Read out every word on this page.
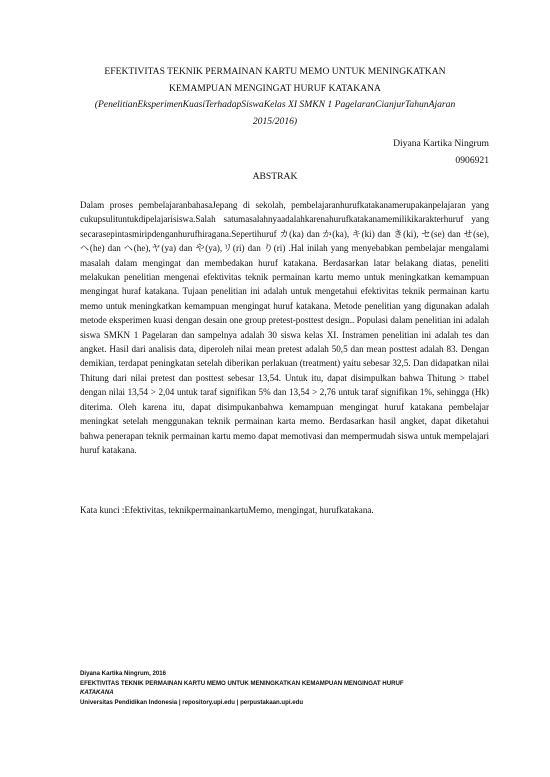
EFEKTIVITAS TEKNIK PERMAINAN KARTU MEMO UNTUK MENINGKATKAN
KEMAMPUAN MENGINGAT HURUF KATAKANA
(PenelitianEksperimenKuasiTerhadapSiswaKelas XI SMKN 1 PagelaranCianjurTahunAjaran
2015/2016)
Diyana Kartika Ningrum
0906921
ABSTRAK

Dalam proses pembelajaranbahasaJepang di sekolah, pembelajaranhurufkatakanamerupakanpelajaran yang cukupsulituntukdipelajarisiswa.Salah satumasalahnyaadalahkarenahurufkatakanamemilikikarakterhuruf yang secarasepintasmiripdenganhurufhiragana.Sepertihuruf カ(ka) dan か(ka), キ(ki) dan き(ki), セ(se) dan せ(se), ヘ(he) dan へ(he),ヤ(ya) dan や(ya),リ(ri) dan り(ri) .Hal inilah yang menyebabkan pembelajar mengalami masalah dalam mengingat dan membedakan huruf katakana. Berdasarkan latar belakang diatas, peneliti melakukan penelitian mengenai efektivitas teknik permainan kartu memo untuk meningkatkan kemampuan mengingat huraf katakana. Tujaan penelitian ini adalah untuk mengetahui efektivitas teknik permainan kartu memo untuk meningkatkan kemampuan mengingat huruf katakana. Metode penelitian yang digunakan adalah metode eksperimen kuasi dengan desain one group pretest-posttest design.. Populasi dalam penelitian ini adalah siswa SMKN 1 Pagelaran dan sampelnya adalah 30 siswa kelas XI. Instramen penelitian ini adalah tes dan angket. Hasil dari analisis data, diperoleh nilai mean pretest adalah 50,5 dan mean posttest adalah 83. Dengan demikian, terdapat peningkatan setelah diberikan perlakuan (treatment) yaitu sebesar 32,5. Dan didapatkan nilai Thitung dari nilai pretest dan posttest sebesar 13,54. Untuk itu, dapat disimpulkan bahwa Thitung > ttabel dengan nilai 13,54 > 2,04 untuk taraf signifikan 5% dan 13,54 > 2,76 untuk taraf signifikan 1%, sehingga (Hk) diterima. Oleh karena itu, dapat disimpukanbahwa kemampuan mengingat huruf katakana pembelajar meningkat setelah menggunakan teknik permainan karta memo. Berdasarkan hasil angket, dapat diketahui bahwa penerapan teknik permainan kartu memo dapat memotivasi dan mempermudah siswa untuk mempelajari huruf katakana.

Kata kunci :Efektivitas, teknikpermainankartuMemo, mengingat, hurufkatakana.
Diyana Kartika Ningrum, 2016
EFEKTIVITAS TEKNIK PERMAINAN KARTU MEMO UNTUK MENINGKATKAN KEMAMPUAN MENGINGAT HURUF
KATAKANA
Universitas Pendidikan Indonesia | repository.upi.edu | perpustakaan.upi.edu
